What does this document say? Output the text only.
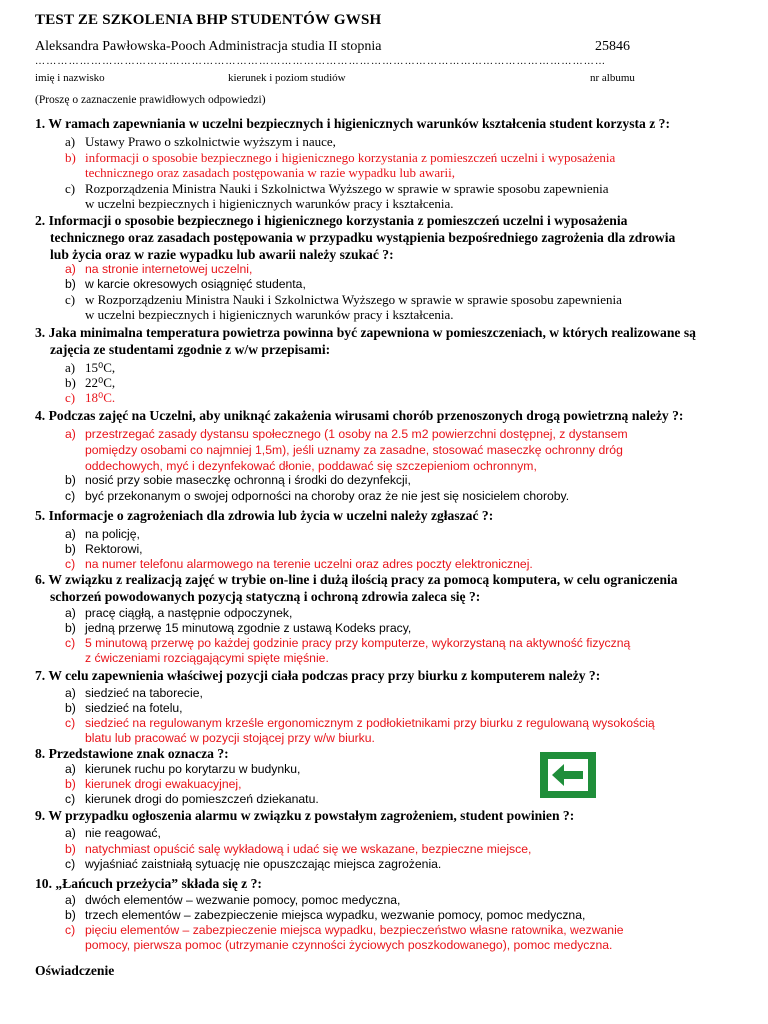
TEST ZE SZKOLENIA BHP STUDENTÓW GWSH
Aleksandra Pawłowska-Pooch Administracja studia II stopnia	25846
………………………………………………………………………………………………………………………………………
imię i nazwisko	kierunek i poziom studiów	nr albumu
(Proszę o zaznaczenie prawidłowych odpowiedzi)
1. W ramach zapewniania w uczelni bezpiecznych i higienicznych warunków kształcenia student korzysta z ?:
a) Ustawy Prawo o szkolnictwie wyższym i nauce,
b) informacji o sposobie bezpiecznego i higienicznego korzystania z pomieszczeń uczelni i wyposażenia
technicznego oraz zasadach postępowania w razie wypadku lub awarii,
c) Rozporządzenia Ministra Nauki i Szkolnictwa Wyższego w sprawie w sprawie sposobu zapewnienia
w uczelni bezpiecznych i higienicznych warunków pracy i kształcenia.
2. Informacji o sposobie bezpiecznego i higienicznego korzystania z pomieszczeń uczelni i wyposażenia
technicznego oraz zasadach postępowania w przypadku wystąpienia bezpośredniego zagrożenia dla zdrowia
lub życia oraz w razie wypadku lub awarii należy szukać ?:
a) na stronie internetowej uczelni,
b) w karcie okresowych osiągnięć studenta,
c) w Rozporządzeniu Ministra Nauki i Szkolnictwa Wyższego w sprawie w sprawie sposobu zapewnienia
w uczelni bezpiecznych i higienicznych warunków pracy i kształcenia.
3. Jaka minimalna temperatura powietrza powinna być zapewniona w pomieszczeniach, w których realizowane są
zajęcia ze studentami zgodnie z w/w przepisami:
a) 15⁰C,
b) 22⁰C,
c) 18⁰C.
4. Podczas zajęć na Uczelni, aby uniknąć zakażenia wirusami chorób przenoszonych drogą powietrzną należy ?:
a) przestrzegać zasady dystansu społecznego (1 osoby na 2.5 m2 powierzchni dostępnej, z dystansem
pomiędzy osobami co najmniej 1,5m), jeśli uznamy za zasadne, stosować maseczkę ochronny dróg
oddechowych, myć i dezynfekować dłonie, poddawać się szczepieniom ochronnym,
b) nosić przy sobie maseczkę ochronną i środki do dezynfekcji,
c) być przekonanym o swojej odporności na choroby oraz że nie jest się nosicielem choroby.
5. Informacje o zagrożeniach dla zdrowia lub życia w uczelni należy zgłaszać ?:
a) na policję,
b) Rektorowi,
c) na numer telefonu alarmowego na terenie uczelni oraz adres poczty elektronicznej.
6. W związku z realizacją zajęć w trybie on-line i dużą ilością pracy za pomocą komputera, w celu ograniczenia
schorzeń powodowanych pozycją statyczną i ochroną zdrowia zaleca się ?:
a) pracę ciągłą, a następnie odpoczynek,
b) jedną przerwę 15 minutową zgodnie z ustawą Kodeks pracy,
c) 5 minutową przerwę po każdej godzinie pracy przy komputerze, wykorzystaną na aktywność fizyczną
z ćwiczeniami rozciągającymi spięte mięśnie.
7. W celu zapewnienia właściwej pozycji ciała podczas pracy przy biurku z komputerem należy ?:
a) siedzieć na taborecie,
b) siedzieć na fotelu,
c) siedzieć na regulowanym krześle ergonomicznym z podłokietnikami przy biurku z regulowaną wysokością
blatu lub pracować w pozycji stojącej przy w/w biurku.
8. Przedstawione znak oznacza ?:
a) kierunek ruchu po korytarzu w budynku,
b) kierunek drogi ewakuacyjnej,
c) kierunek drogi do pomieszczeń dziekanatu.
9. W przypadku ogłoszenia alarmu w związku z powstałym zagrożeniem, student powinien ?:
a) nie reagować,
b) natychmiast opuścić salę wykładową i udać się we wskazane, bezpieczne miejsce,
c) wyjaśniać zaistniałą sytuację nie opuszczając miejsca zagrożenia.
10. „Łańcuch przeżycia” składa się z ?:
a) dwóch elementów – wezwanie pomocy, pomoc medyczna,
b) trzech elementów – zabezpieczenie miejsca wypadku, wezwanie pomocy, pomoc medyczna,
c) pięciu elementów – zabezpieczenie miejsca wypadku, bezpieczeństwo własne ratownika, wezwanie
pomocy, pierwsza pomoc (utrzymanie czynności życiowych poszkodowanego), pomoc medyczna.
Oświadczenie
